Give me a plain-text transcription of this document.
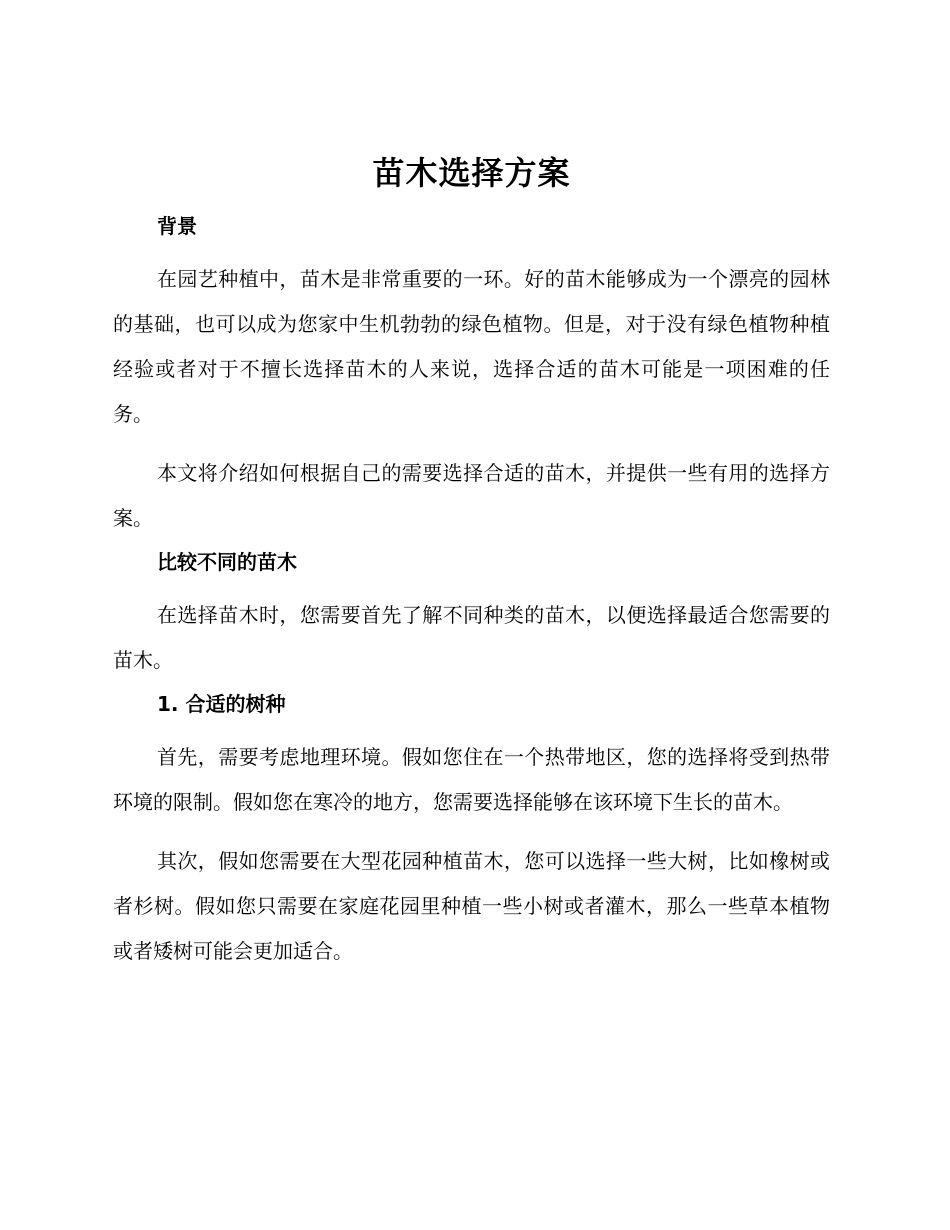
苗木选择方案
背景

在园艺种植中，苗木是非常重要的一环。好的苗木能够成为一个漂亮的园林的基础，也可以成为您家中生机勃勃的绿色植物。但是，对于没有绿色植物种植经验或者对于不擅长选择苗木的人来说，选择合适的苗木可能是一项困难的任务。

本文将介绍如何根据自己的需要选择合适的苗木，并提供一些有用的选择方案。

比较不同的苗木

在选择苗木时，您需要首先了解不同种类的苗木，以便选择最适合您需要的苗木。

1. 合适的树种

首先，需要考虑地理环境。假如您住在一个热带地区，您的选择将受到热带环境的限制。假如您在寒冷的地方，您需要选择能够在该环境下生长的苗木。

其次，假如您需要在大型花园种植苗木，您可以选择一些大树，比如橡树或者杉树。假如您只需要在家庭花园里种植一些小树或者灌木，那么一些草本植物或者矮树可能会更加适合。
